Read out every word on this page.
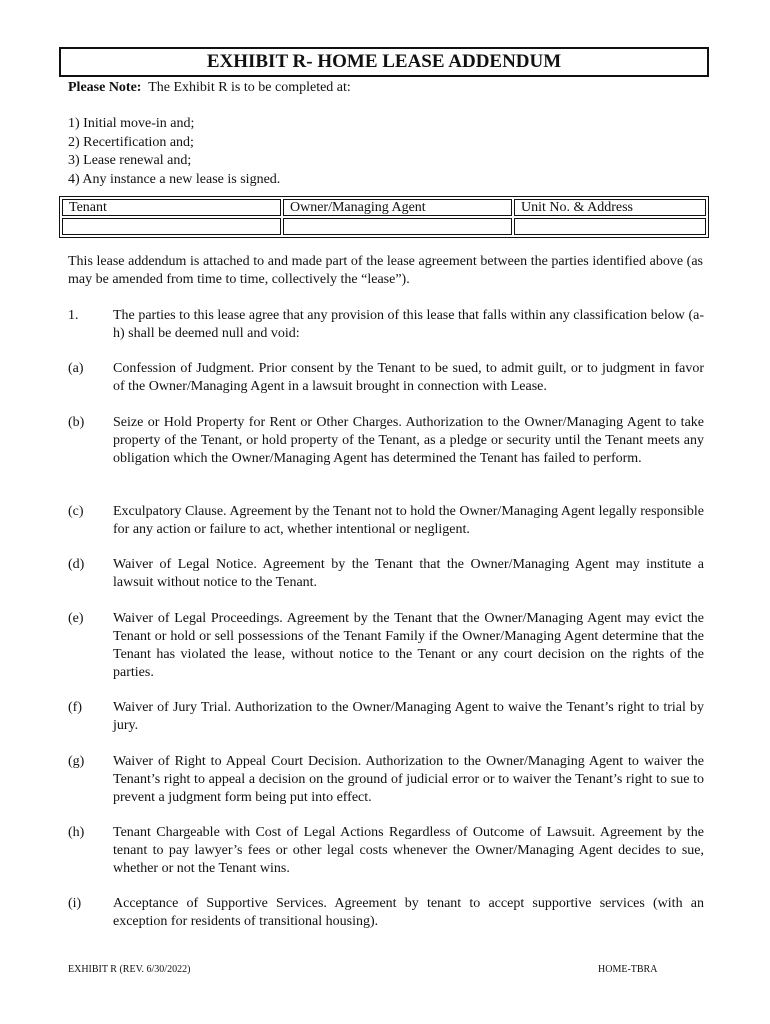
EXHIBIT R- HOME LEASE ADDENDUM
Please Note: The Exhibit R is to be completed at:
1) Initial move-in and;
2) Recertification and;
3) Lease renewal and;
4) Any instance a new lease is signed.
Tenant	Owner/Managing Agent	Unit No. & Address

This lease addendum is attached to and made part of the lease agreement between the parties identified above (as may be amended from time to time, collectively the “lease”).
1. The parties to this lease agree that any provision of this lease that falls within any classification below (a-h) shall be deemed null and void:
(a) Confession of Judgment. Prior consent by the Tenant to be sued, to admit guilt, or to judgment in favor of the Owner/Managing Agent in a lawsuit brought in connection with Lease.
(b) Seize or Hold Property for Rent or Other Charges. Authorization to the Owner/Managing Agent to take property of the Tenant, or hold property of the Tenant, as a pledge or security until the Tenant meets any obligation which the Owner/Managing Agent has determined the Tenant has failed to perform.
(c) Exculpatory Clause. Agreement by the Tenant not to hold the Owner/Managing Agent legally responsible for any action or failure to act, whether intentional or negligent.
(d) Waiver of Legal Notice. Agreement by the Tenant that the Owner/Managing Agent may institute a lawsuit without notice to the Tenant.
(e) Waiver of Legal Proceedings. Agreement by the Tenant that the Owner/Managing Agent may evict the Tenant or hold or sell possessions of the Tenant Family if the Owner/Managing Agent determine that the Tenant has violated the lease, without notice to the Tenant or any court decision on the rights of the parties.
(f) Waiver of Jury Trial. Authorization to the Owner/Managing Agent to waive the Tenant’s right to trial by jury.
(g) Waiver of Right to Appeal Court Decision. Authorization to the Owner/Managing Agent to waiver the Tenant’s right to appeal a decision on the ground of judicial error or to waiver the Tenant’s right to sue to prevent a judgment form being put into effect.
(h) Tenant Chargeable with Cost of Legal Actions Regardless of Outcome of Lawsuit. Agreement by the tenant to pay lawyer’s fees or other legal costs whenever the Owner/Managing Agent decides to sue, whether or not the Tenant wins.
(i) Acceptance of Supportive Services. Agreement by tenant to accept supportive services (with an exception for residents of transitional housing).
EXHIBIT R (REV. 6/30/2022)	HOME-TBRA
